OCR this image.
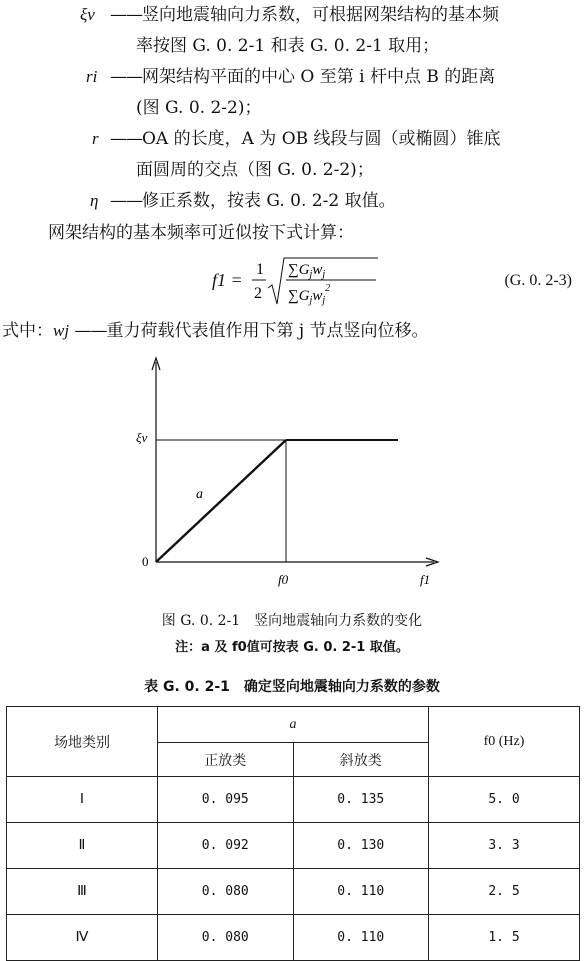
ξv ——竖向地震轴向力系数，可根据网架结构的基本频
率按图 G. 0. 2-1 和表 G. 0. 2-1 取用；
ri ——网架结构平面的中心 O 至第 i 杆中点 B 的距离
(图 G. 0. 2-2)；
r ——OA 的长度，A 为 OB 线段与圆（或椭圆）锥底
面圆周的交点（图 G. 0. 2-2)；
η ——修正系数，按表 G. 0. 2-2 取值。
网架结构的基本频率可近似按下式计算：
f1 =
1
2
$\sum G_jw_j$
$\sum G_jw_j^2$	(G. 0. 2-3)
式中：wj ——重力荷载代表值作用下第 j 节点竖向位移。
ξv
0
a
f0	f1
图 G. 0. 2-1　竖向地震轴向力系数的变化
注：a 及 f0值可按表 G. 0. 2-1 取值。
表 G. 0. 2-1　确定竖向地震轴向力系数的参数
场地类别	a		f0 (Hz)
	正放类	斜放类	
Ⅰ	0. 095	0. 135	5. 0
Ⅱ	0. 092	0. 130	3. 3
Ⅲ	0. 080	0. 110	2. 5
Ⅳ	0. 080	0. 110	1. 5
